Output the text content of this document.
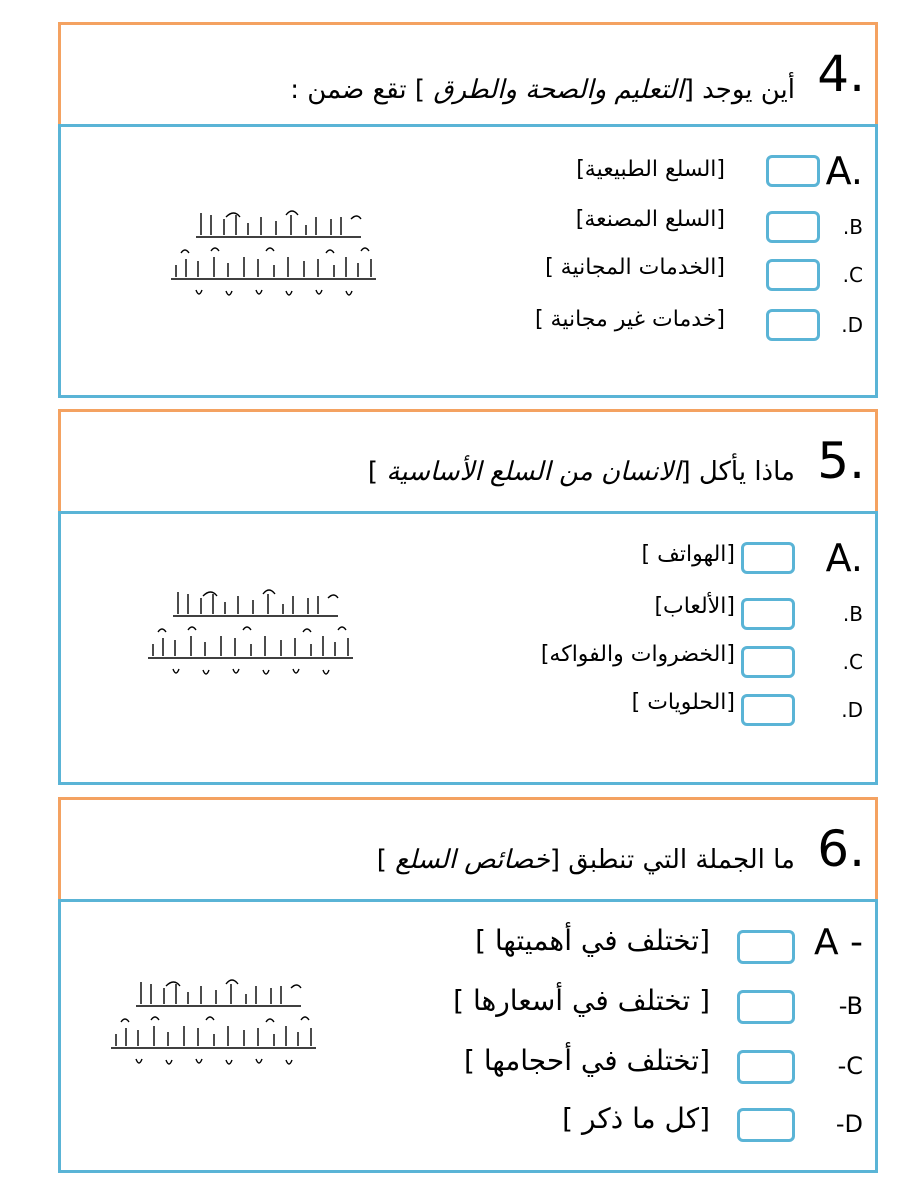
4.
أين يوجد [التعليم والصحة والطرق ] تقع ضمن :
A.
[السلع الطبيعية]
.B
[السلع المصنعة]
.C
[الخدمات المجانية ]
.D
[خدمات غير مجانية ]
5.
ماذا يأكل [الانسان من السلع الأساسية ]
A.
[الهواتف ]
.B
[الألعاب]
.C
[الخضروات والفواكه]
.D
[الحلويات ]
6.
ما الجملة التي تنطبق [خصائص السلع ]
A -
[تختلف في أهميتها ]
-B
[ تختلف في أسعارها ]
-C
[تختلف في أحجامها ]
-D
[كل ما ذكر ]
